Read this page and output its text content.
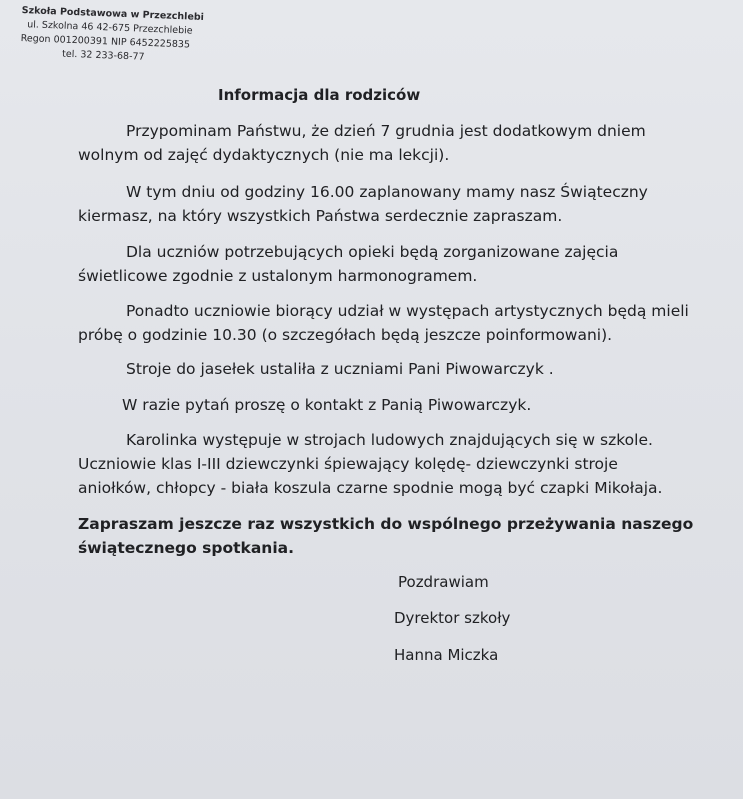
Szkoła Podstawowa w Przezchlebi
ul. Szkolna 46 42-675 Przezchlebie
Regon 001200391 NIP 6452225835
tel. 32 233-68-77
Informacja dla rodziców
Przypominam Państwu, że dzień 7 grudnia jest dodatkowym dniem
wolnym od zajęć dydaktycznych (nie ma lekcji).
W tym dniu od godziny 16.00 zaplanowany mamy nasz Świąteczny
kiermasz, na który wszystkich Państwa serdecznie zapraszam.
Dla uczniów potrzebujących opieki będą zorganizowane zajęcia
świetlicowe zgodnie z ustalonym harmonogramem.
Ponadto uczniowie biorący udział w występach artystycznych będą mieli
próbę o godzinie 10.30 (o szczegółach będą jeszcze poinformowani).
Stroje do jasełek ustaliła z uczniami Pani Piwowarczyk .
W razie pytań proszę o kontakt z Panią Piwowarczyk.
Karolinka występuje w strojach ludowych znajdujących się w szkole.
Uczniowie klas I-III dziewczynki śpiewający kolędę- dziewczynki stroje
aniołków, chłopcy - biała koszula czarne spodnie mogą być czapki Mikołaja.
Zapraszam jeszcze raz wszystkich do wspólnego przeżywania naszego
świątecznego spotkania.
Pozdrawiam
Dyrektor szkoły
Hanna Miczka
